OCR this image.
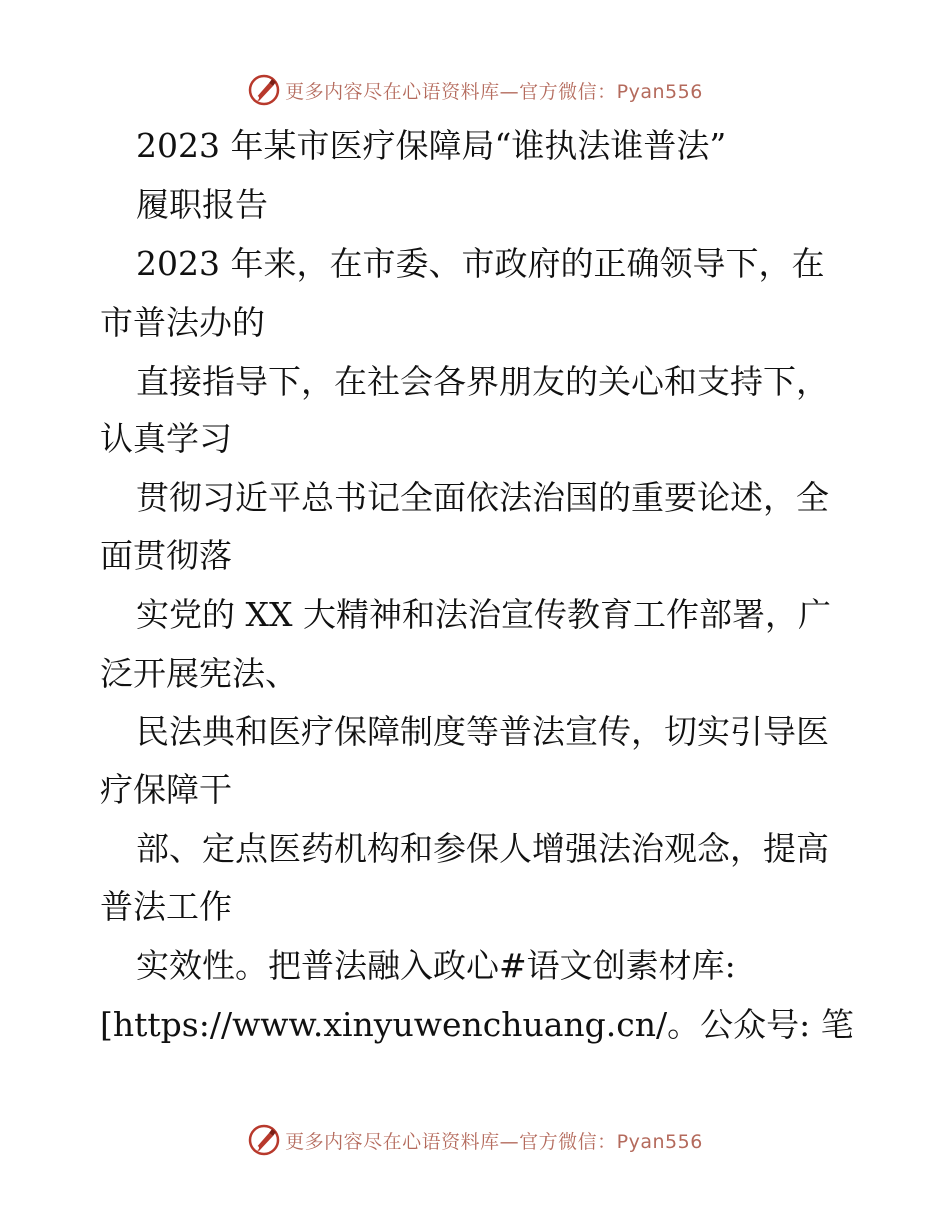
更多内容尽在心语资料库—官方微信：Pyan556
2023 年某市医疗保障局“谁执法谁普法”
履职报告
2023 年来，在市委、市政府的正确领导下，在
市普法办的
直接指导下，在社会各界朋友的关心和支持下，
认真学习
贯彻习近平总书记全面依法治国的重要论述，全
面贯彻落
实党的 XX 大精神和法治宣传教育工作部署，广
泛开展宪法、
民法典和医疗保障制度等普法宣传，切实引导医
疗保障干
部、定点医药机构和参保人增强法治观念，提高
普法工作
实效性。把普法融入政心#语文创素材库:
[https://www.xinyuwenchuang.cn/。公众号: 笔
更多内容尽在心语资料库—官方微信：Pyan556
